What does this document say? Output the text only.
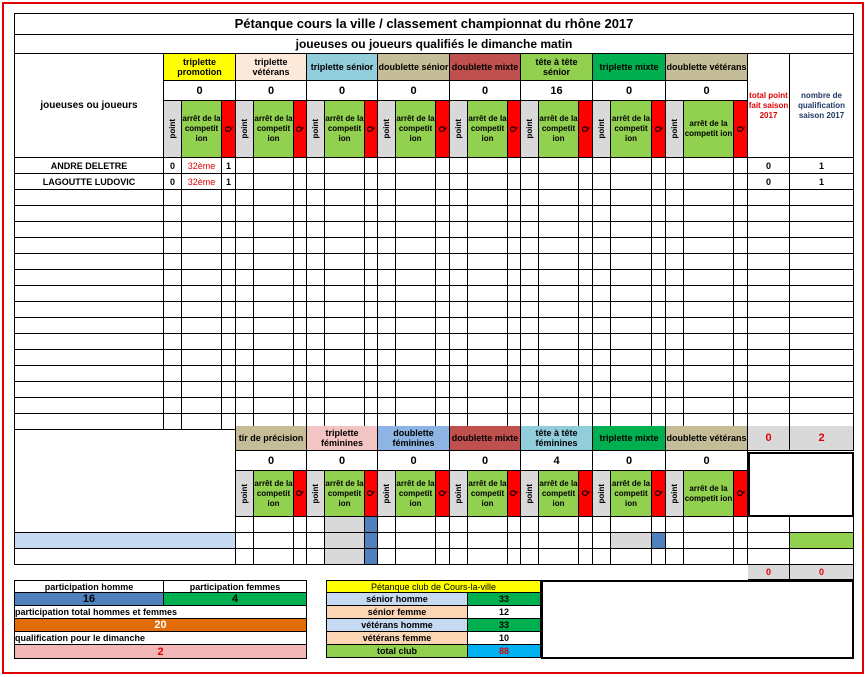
Pétanque cours la ville / classement championnat du rhône 2017
joueuses ou joueurs qualifiés le dimanche matin
joueuses ou joueurs
triplette promotion
0
point
arrêt de la competit ion
Q
triplette vétérans
0
point
arrêt de la competit ion
Q
triplette sénior
0
point
arrêt de la competit ion
Q
doublette sénior
0
point
arrêt de la competit ion
Q
doublette mixte
0
point
arrêt de la competit ion
Q
tête à tête sénior
16
point
arrêt de la competit ion
Q
triplette mixte
0
point
arrêt de la competit ion
Q
doublette vétérans
0
point	arrêt de la competit ion
Q
total point fait saison 2017
nombre de qualification saison 2017
ANDRE DELETRE	0 32ème 1	0	1
LAGOUTTE LUDOVIC	0 32ème 1	0	1
tir de précision
0
point
arrêt de la competit ion
Q
triplette féminines
0
point
arrêt de la competit ion
Q
doublette féminines
0
point
arrêt de la competit ion
Q
doublette mixte
0
point
arrêt de la competit ion
Q
tête à tête féminines
4
point
arrêt de la competit ion
Q
triplette mixte
0
point
arrêt de la competit ion
Q
doublette vétérans
0
point	arrêt de la competit ion
Q
0	2
0	0
participation homme	participation femmes
16	4
participation total hommes et femmes
20
qualification pour le dimanche
2
Pétanque club de Cours-la-ville
sénior homme	33
sénior femme	12
vétérans homme	33
vétérans femme	10
total club	88
